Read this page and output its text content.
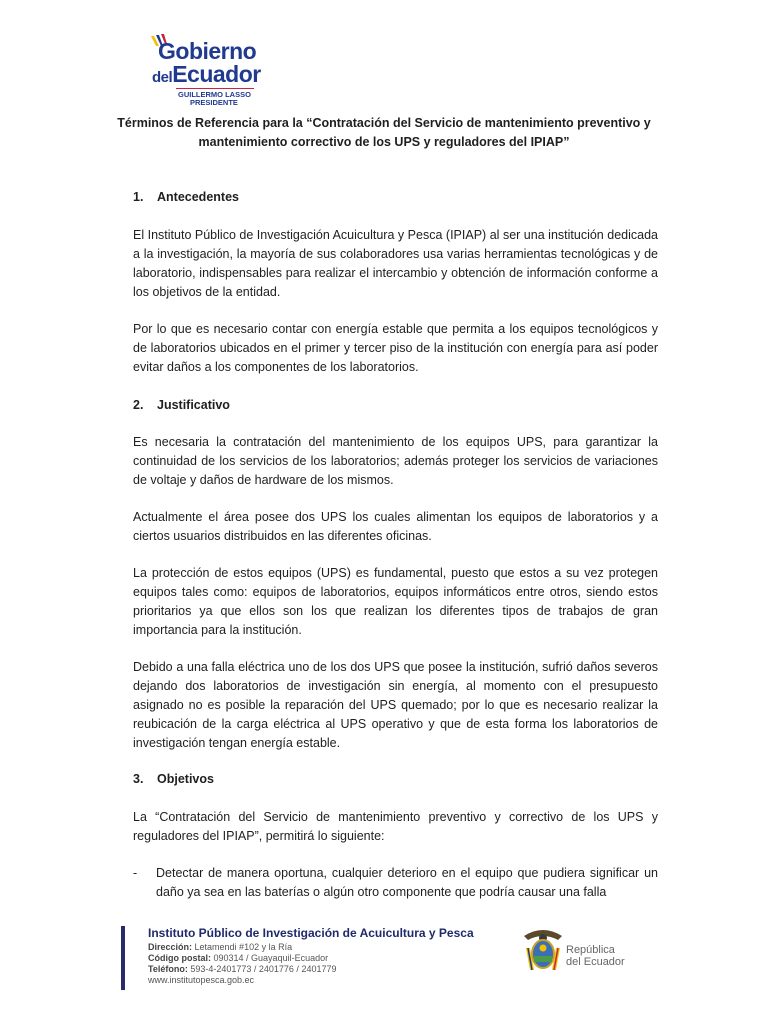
Gobierno
delEcuador
GUILLERMO LASSO
PRESIDENTE
Términos de Referencia para la “Contratación del Servicio de mantenimiento preventivo y
mantenimiento correctivo de los UPS y reguladores del IPIAP”
1. Antecedentes

El Instituto Público de Investigación Acuicultura y Pesca (IPIAP) al ser una institución dedicada a la investigación, la mayoría de sus colaboradores usa varias herramientas tecnológicas y de laboratorio, indispensables para realizar el intercambio y obtención de información conforme a los objetivos de la entidad.

Por lo que es necesario contar con energía estable que permita a los equipos tecnológicos y de laboratorios ubicados en el primer y tercer piso de la institución con energía para así poder evitar daños a los componentes de los laboratorios.

2. Justificativo

Es necesaria la contratación del mantenimiento de los equipos UPS, para garantizar la continuidad de los servicios de los laboratorios; además proteger los servicios de variaciones de voltaje y daños de hardware de los mismos.

Actualmente el área posee dos UPS los cuales alimentan los equipos de laboratorios y a ciertos usuarios distribuidos en las diferentes oficinas.

La protección de estos equipos (UPS) es fundamental, puesto que estos a su vez protegen equipos tales como: equipos de laboratorios, equipos informáticos entre otros, siendo estos prioritarios ya que ellos son los que realizan los diferentes tipos de trabajos de gran importancia para la institución.

Debido a una falla eléctrica uno de los dos UPS que posee la institución, sufrió daños severos dejando dos laboratorios de investigación sin energía, al momento con el presupuesto asignado no es posible la reparación del UPS quemado; por lo que es necesario realizar la reubicación de la carga eléctrica al UPS operativo y que de esta forma los laboratorios de investigación tengan energía estable.

3. Objetivos

La “Contratación del Servicio de mantenimiento preventivo y correctivo de los UPS y reguladores del IPIAP”, permitirá lo siguiente:

- Detectar de manera oportuna, cualquier deterioro en el equipo que pudiera significar un daño ya sea en las baterías o algún otro componente que podría causar una falla
Instituto Público de Investigación de Acuicultura y Pesca
Dirección: Letamendi #102 y la Ría
Código postal: 090314 / Guayaquil-Ecuador
Teléfono: 593-4-2401773 / 2401776 / 2401779
www.institutopesca.gob.ec
República
del Ecuador
